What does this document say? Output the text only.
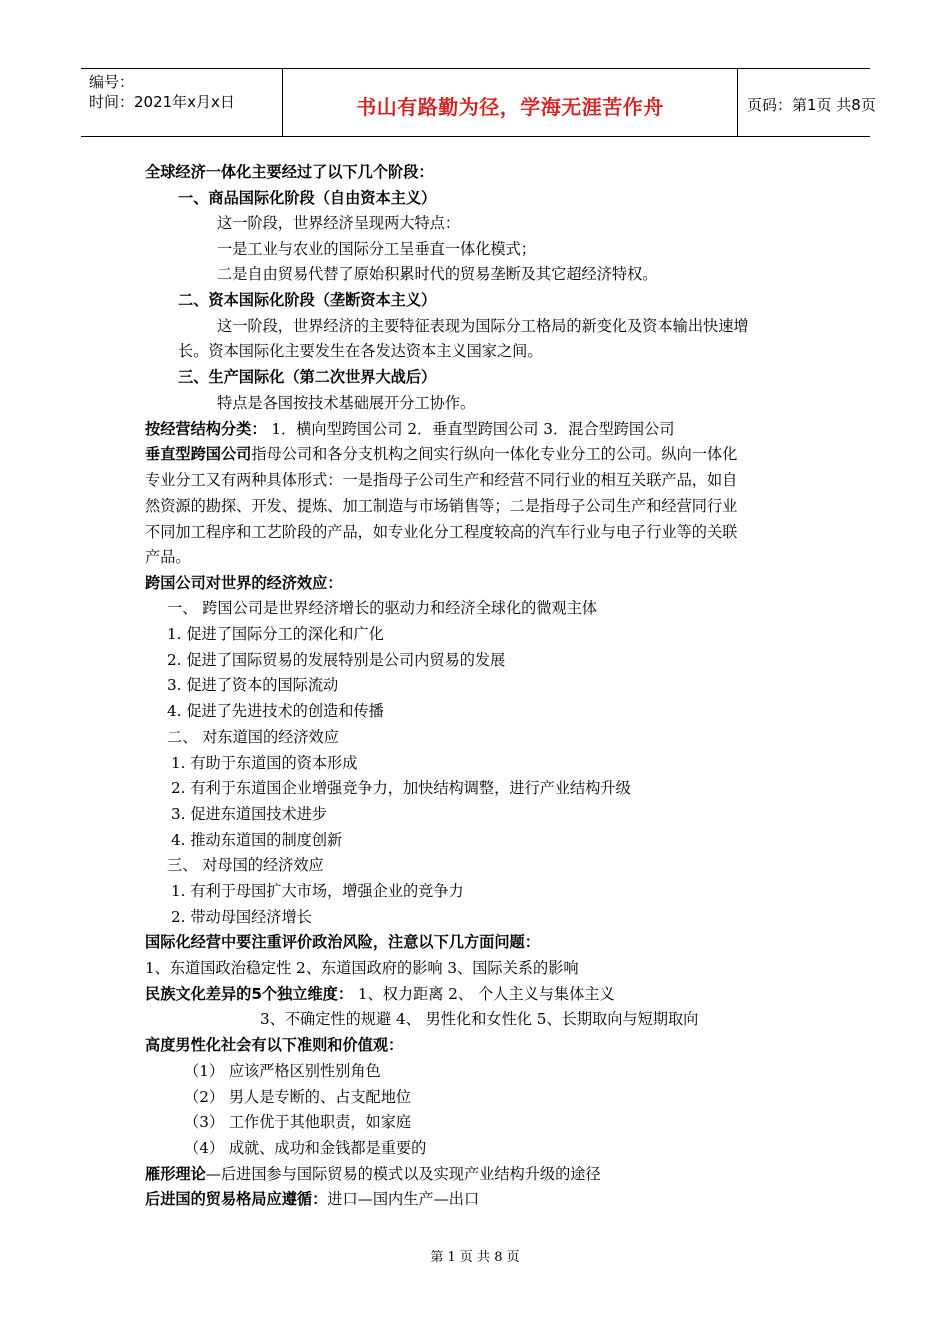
编号：
时间：2021年x月x日	书山有路勤为径，学海无涯苦作舟	页码：第1页 共8页
全球经济一体化主要经过了以下几个阶段：
一、商品国际化阶段（自由资本主义）
这一阶段，世界经济呈现两大特点：
一是工业与农业的国际分工呈垂直一体化模式；
二是自由贸易代替了原始积累时代的贸易垄断及其它超经济特权。
二、资本国际化阶段（垄断资本主义）
这一阶段，世界经济的主要特征表现为国际分工格局的新变化及资本输出快速增
长。资本国际化主要发生在各发达资本主义国家之间。
三、生产国际化（第二次世界大战后）
特点是各国按技术基础展开分工协作。
按经营结构分类： 1．横向型跨国公司 2．垂直型跨国公司 3．混合型跨国公司
垂直型跨国公司指母公司和各分支机构之间实行纵向一体化专业分工的公司。纵向一体化
专业分工又有两种具体形式：一是指母子公司生产和经营不同行业的相互关联产品，如自
然资源的勘探、开发、提炼、加工制造与市场销售等；二是指母子公司生产和经营同行业
不同加工程序和工艺阶段的产品，如专业化分工程度较高的汽车行业与电子行业等的关联
产品。
跨国公司对世界的经济效应：
一、 跨国公司是世界经济增长的驱动力和经济全球化的微观主体
1. 促进了国际分工的深化和广化
2. 促进了国际贸易的发展特别是公司内贸易的发展
3. 促进了资本的国际流动
4. 促进了先进技术的创造和传播
二、 对东道国的经济效应
1. 有助于东道国的资本形成
2. 有利于东道国企业增强竞争力，加快结构调整，进行产业结构升级
3. 促进东道国技术进步
4. 推动东道国的制度创新
三、 对母国的经济效应
1. 有利于母国扩大市场，增强企业的竞争力
2. 带动母国经济增长
国际化经营中要注重评价政治风险，注意以下几方面问题：
1、东道国政治稳定性 2、东道国政府的影响 3、国际关系的影响
民族文化差异的5个独立维度： 1、权力距离 2、 个人主义与集体主义
3、不确定性的规避 4、 男性化和女性化 5、长期取向与短期取向
高度男性化社会有以下准则和价值观：
（1） 应该严格区别性别角色
（2） 男人是专断的、占支配地位
（3） 工作优于其他职责，如家庭
（4） 成就、成功和金钱都是重要的
雁形理论—后进国参与国际贸易的模式以及实现产业结构升级的途径
后进国的贸易格局应遵循：进口—国内生产—出口
第 1 页 共 8 页
